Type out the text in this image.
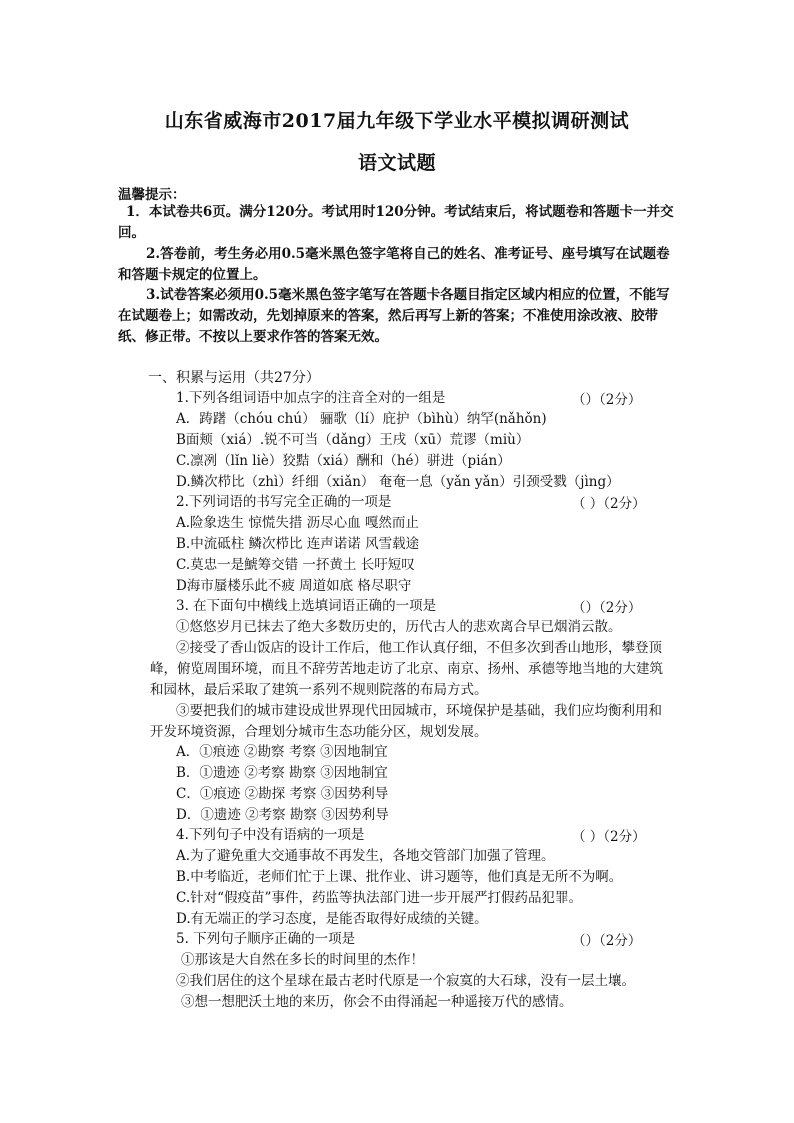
山东省威海市2017届九年级下学业水平模拟调研测试
语文试题
温馨提示：
1．本试卷共6页。满分120分。考试用时120分钟。考试结束后，将试题卷和答题卡一并交回。
2.答卷前，考生务必用0.5毫米黑色签字笔将自己的姓名、准考证号、座号填写在试题卷和答题卡规定的位置上。
3.试卷答案必须用0.5毫米黑色签字笔写在答题卡各题目指定区域内相应的位置，不能写在试题卷上；如需改动，先划掉原来的答案，然后再写上新的答案；不准使用涂改液、胶带纸、修正带。不按以上要求作答的答案无效。
一、积累与运用（共27分）
1.下列各组词语中加点字的注音全对的一组是	（）（2分）
A．踌躇（chóu chú） 骊歌（lí）庇护（bìhù）纳罕(nǎhǒn)
B面颊（xiá）.锐不可当（dǎng）王戌（xū）荒谬（miù）
C.凛冽（lǐn liè）狡黠（xiá）酬和（hé）骈进（pián）
D.鳞次栉比（zhì）纤细（xiǎn） 奄奄一息（yǎn yǎn）引颈受戮（jìng）
2.下列词语的书写完全正确的一项是	（ ）（2分）
A.险象迭生 惊慌失措 沥尽心血 嘎然而止
B.中流砥柱 鳞次栉比 连声诺诺 风雪载途
C.莫忠一是鯱筹交错 一抔黄土 长吁短叹
D海市蜃楼乐此不疲 周道如底 格尽职守
3. 在下面句中横线上选填词语正确的一项是	（）（2分）
①悠悠岁月已抹去了绝大多数历史的，历代古人的悲欢离合早已烟消云散。
②接受了香山饭店的设计工作后，他工作认真仔细，不但多次到香山地形，攀登顶峰，俯览周围环境，而且不辞劳苦地走访了北京、南京、扬州、承德等地当地的大建筑和园林，最后采取了建筑一系列不规则院落的布局方式。
③要把我们的城市建设成世界现代田园城市，环境保护是基础，我们应均衡利用和开发环境资源，合理划分城市生态功能分区，规划发展。
A．①痕迹 ②勘察 考察 ③因地制宜
B．①遗迹 ②考察 勘察 ③因地制宜
C．①痕迹 ②勘探 考察 ③因势利导
D．①遗迹 ②考察 勘察 ③因势利导
4.下列句子中没有语病的一项是	（ ）（2分）
A.为了避免重大交通事故不再发生，各地交管部门加强了管理。
B.中考临近，老师们忙于上课、批作业、讲习题等，他们真是无所不为啊。
C.针对“假疫苗”事件，药监等执法部门进一步开展严打假药品犯罪。
D.有无端正的学习态度，是能否取得好成绩的关键。
5. 下列句子顺序正确的一项是	（）（2分）
①那该是大自然在多长的时间里的杰作！
②我们居住的这个星球在最古老时代原是一个寂寞的大石球，没有一层土壤。
③想一想肥沃土地的来历，你会不由得涌起一种遥接万代的感情。
